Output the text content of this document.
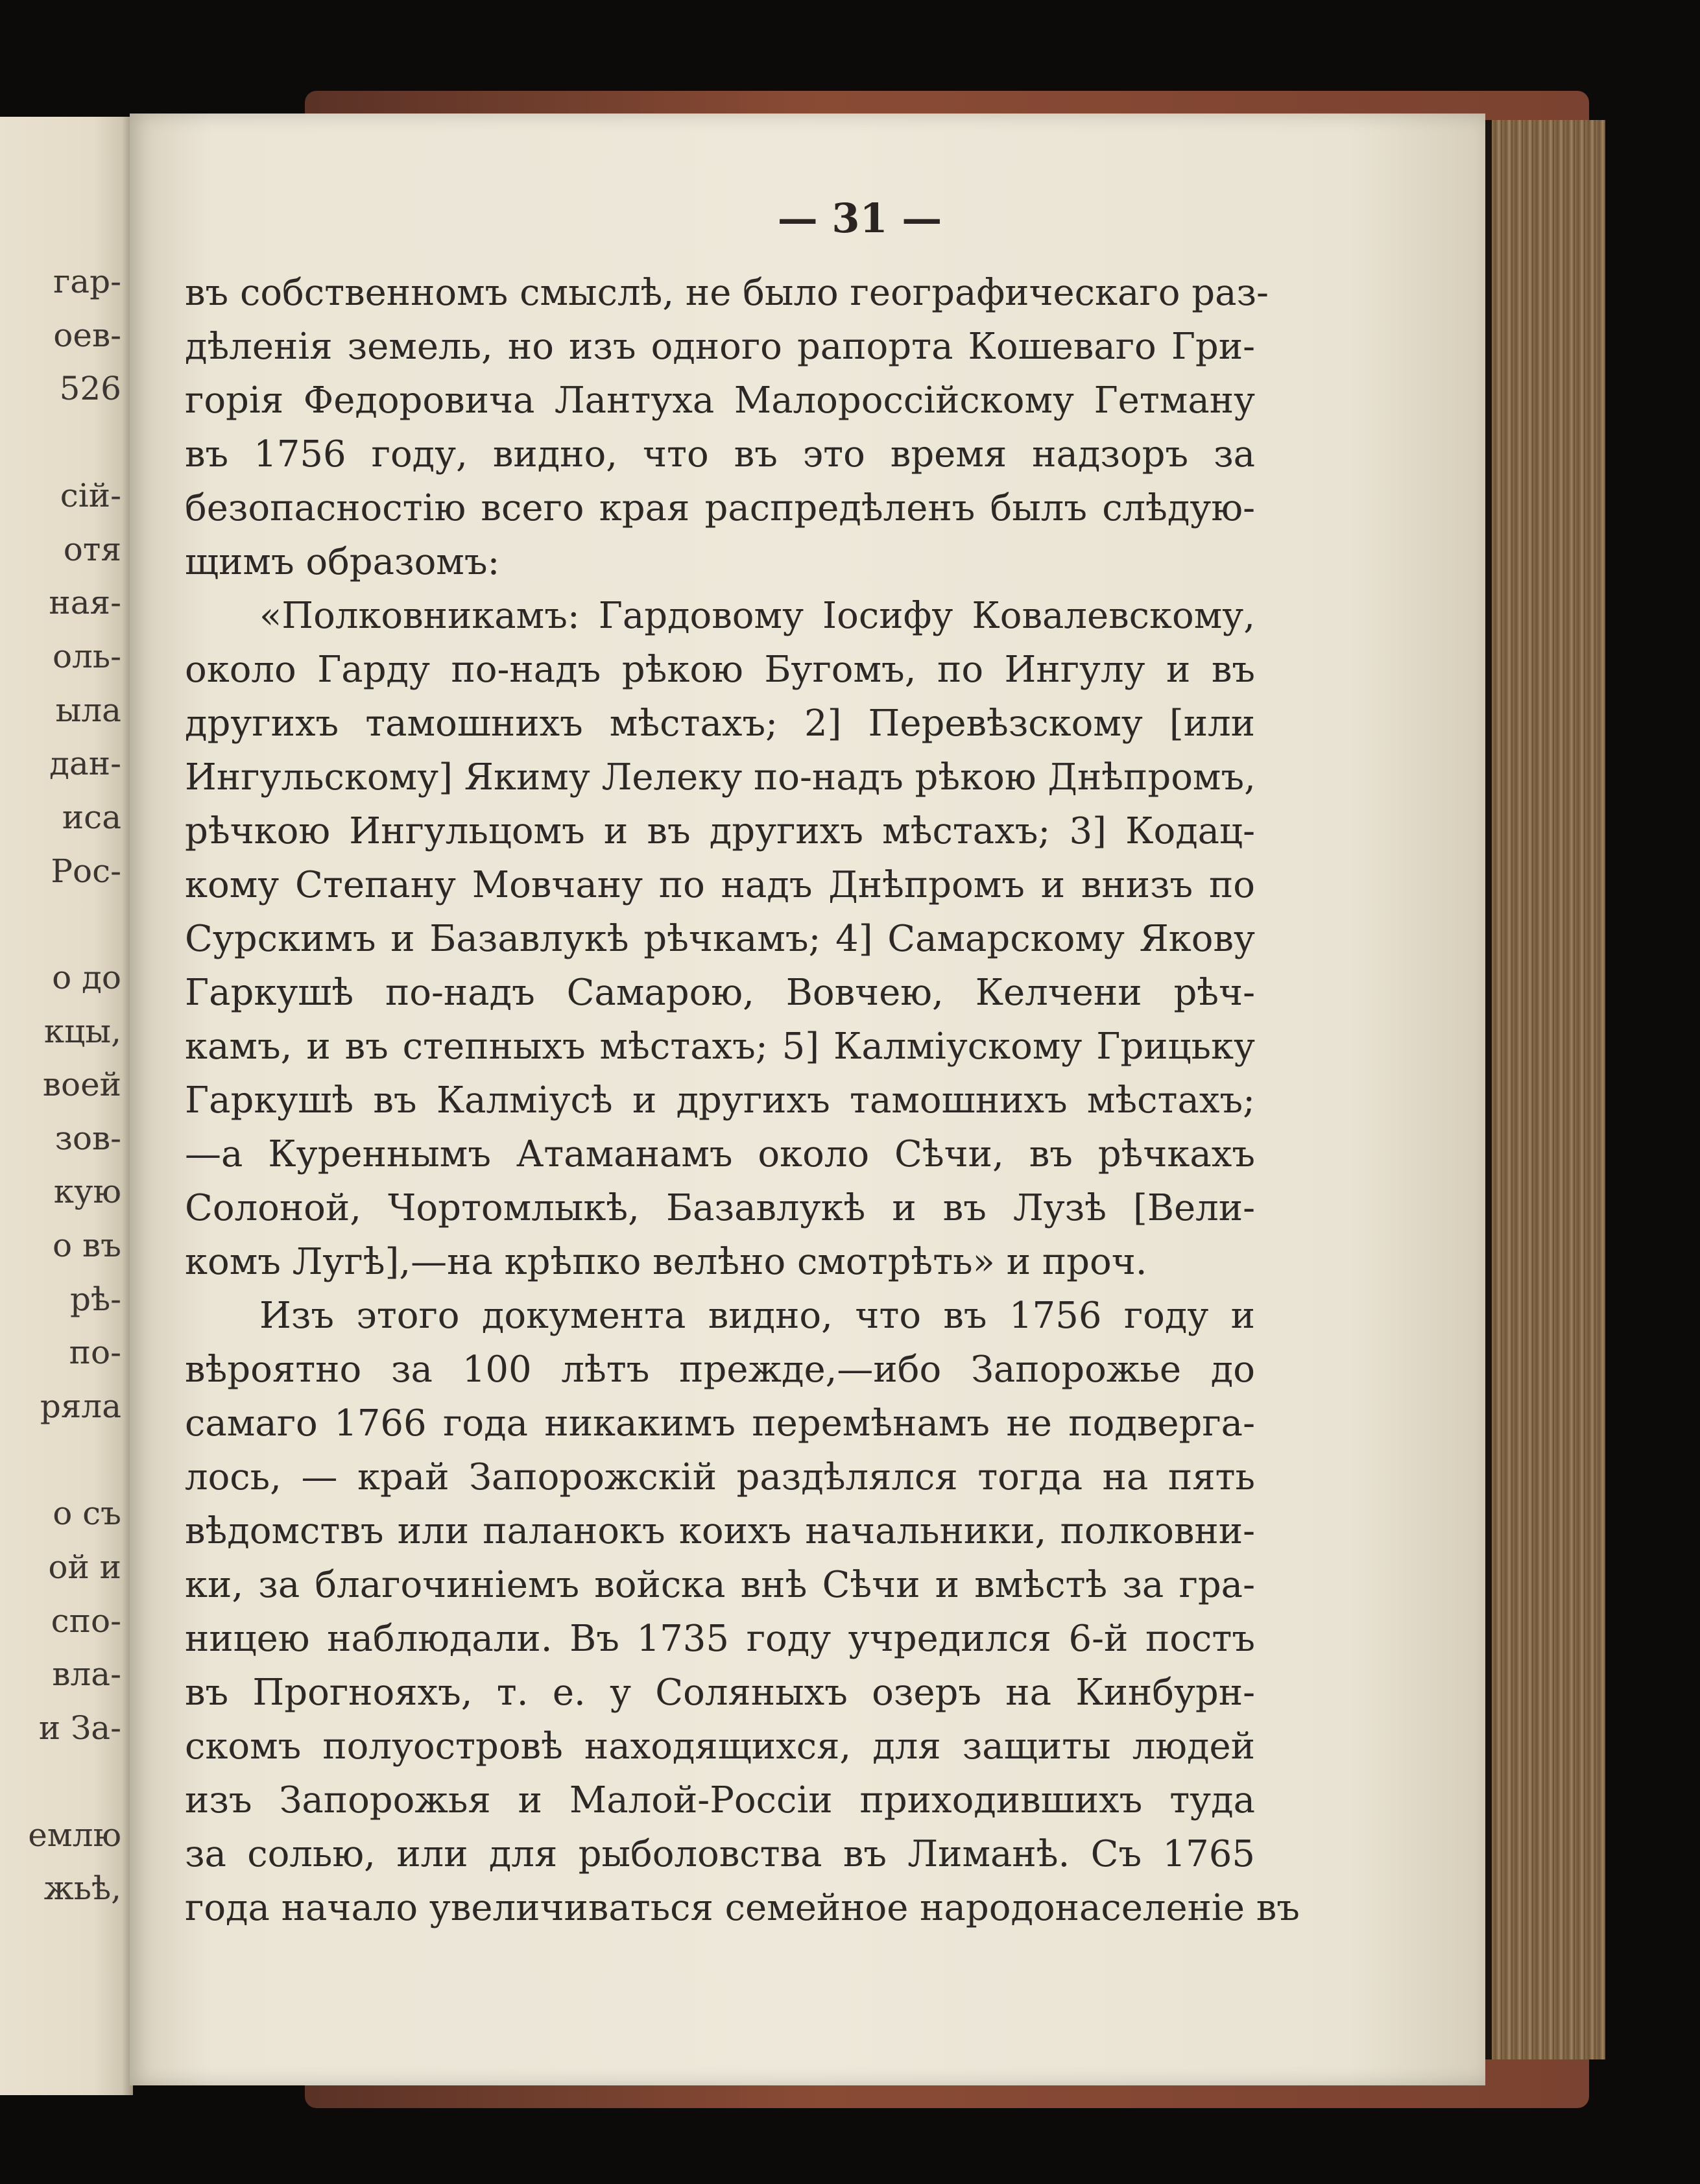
гар-
оев-
526
сій-
отя
ная-
оль-
ыла
дан-
иса
Рос-
о до
кцы,
воей
зов-
кую
о въ
рѣ-
по-
ряла
о съ
ой и
спо-
вла-
и За-
емлю
жьѣ,
— 31 —
въ собственномъ смыслѣ, не было географическаго раз-
дѣленія земель, но изъ одного рапорта Кошеваго Гри-
горія Федоровича Лантуха Малороссійскому Гетману
въ 1756 году, видно, что въ это время надзоръ за
безопасностію всего края распредѣленъ былъ слѣдую-
щимъ образомъ:
«Полковникамъ: Гардовому Іосифу Ковалевскому,
около Гарду по-надъ рѣкою Бугомъ, по Ингулу и въ
другихъ тамошнихъ мѣстахъ; 2] Перевѣзскому [или
Ингульскому] Якиму Лелеку по-надъ рѣкою Днѣпромъ,
рѣчкою Ингульцомъ и въ другихъ мѣстахъ; 3] Кодац-
кому Степану Мовчану по надъ Днѣпромъ и внизъ по
Сурскимъ и Базавлукѣ рѣчкамъ; 4] Самарскому Якову
Гаркушѣ по-надъ Самарою, Вовчею, Келчени рѣч-
камъ, и въ степныхъ мѣстахъ; 5] Калміускому Грицьку
Гаркушѣ въ Калміусѣ и другихъ тамошнихъ мѣстахъ;
—а Куреннымъ Атаманамъ около Сѣчи, въ рѣчкахъ
Солоной, Чортомлыкѣ, Базавлукѣ и въ Лузѣ [Вели-
комъ Лугѣ],—на крѣпко велѣно смотрѣть» и проч.
Изъ этого документа видно, что въ 1756 году и
вѣроятно за 100 лѣтъ прежде,—ибо Запорожье до
самаго 1766 года никакимъ перемѣнамъ не подверга-
лось, — край Запорожскій раздѣлялся тогда на пять
вѣдомствъ или паланокъ коихъ начальники, полковни-
ки, за благочиніемъ войска внѣ Сѣчи и вмѣстѣ за гра-
ницею наблюдали. Въ 1735 году учредился 6-й постъ
въ Прогнояхъ, т. е. у Соляныхъ озеръ на Кинбурн-
скомъ полуостровѣ находящихся, для защиты людей
изъ Запорожья и Малой-Россіи приходившихъ туда
за солью, или для рыболовства въ Лиманѣ. Съ 1765
года начало увеличиваться семейное народонаселеніе въ
